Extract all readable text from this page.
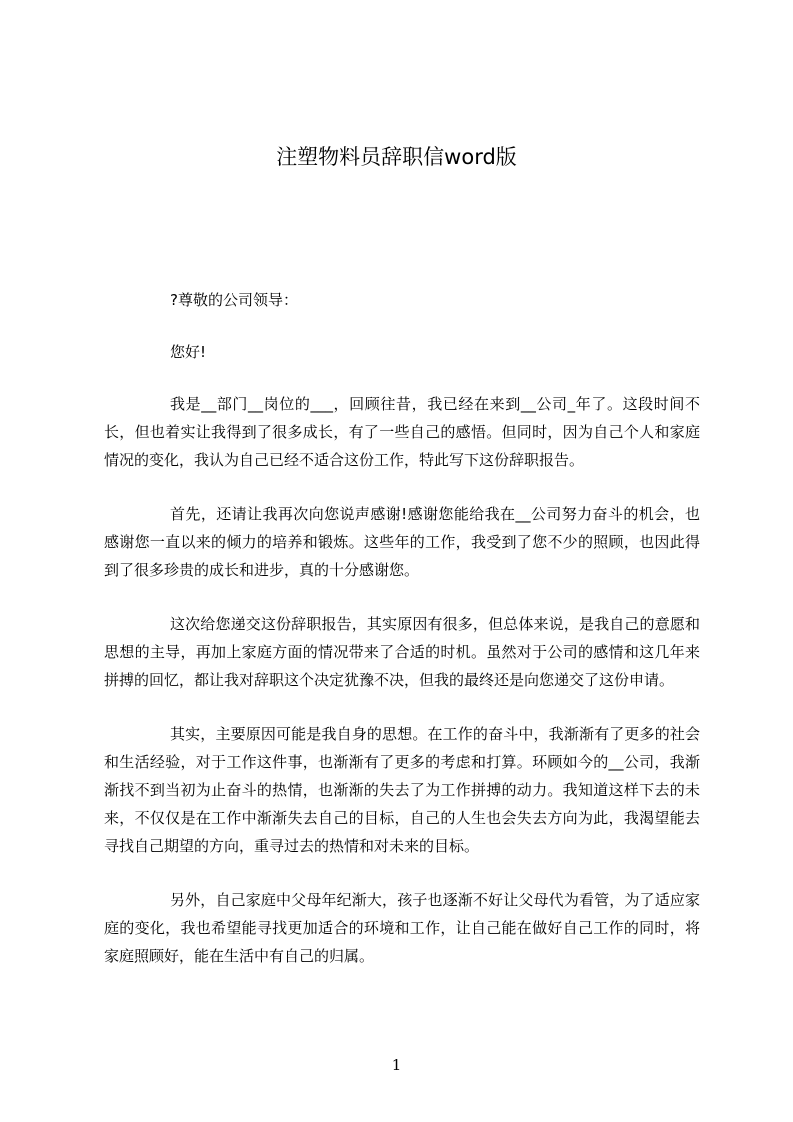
注塑物料员辞职信word版

?尊敬的公司领导：

您好!

我是__部门__岗位的___，回顾往昔，我已经在来到__公司_年了。这段时间不长，但也着实让我得到了很多成长，有了一些自己的感悟。但同时，因为自己个人和家庭情况的变化，我认为自己已经不适合这份工作，特此写下这份辞职报告。

首先，还请让我再次向您说声感谢!感谢您能给我在__公司努力奋斗的机会，也感谢您一直以来的倾力的培养和锻炼。这些年的工作，我受到了您不少的照顾，也因此得到了很多珍贵的成长和进步，真的十分感谢您。

这次给您递交这份辞职报告，其实原因有很多，但总体来说，是我自己的意愿和思想的主导，再加上家庭方面的情况带来了合适的时机。虽然对于公司的感情和这几年来拼搏的回忆，都让我对辞职这个决定犹豫不决，但我的最终还是向您递交了这份申请。

其实，主要原因可能是我自身的思想。在工作的奋斗中，我渐渐有了更多的社会和生活经验，对于工作这件事，也渐渐有了更多的考虑和打算。环顾如今的__公司，我渐渐找不到当初为止奋斗的热情，也渐渐的失去了为工作拼搏的动力。我知道这样下去的未来，不仅仅是在工作中渐渐失去自己的目标，自己的人生也会失去方向为此，我渴望能去寻找自己期望的方向，重寻过去的热情和对未来的目标。

另外，自己家庭中父母年纪渐大，孩子也逐渐不好让父母代为看管，为了适应家庭的变化，我也希望能寻找更加适合的环境和工作，让自己能在做好自己工作的同时，将家庭照顾好，能在生活中有自己的归属。

1
